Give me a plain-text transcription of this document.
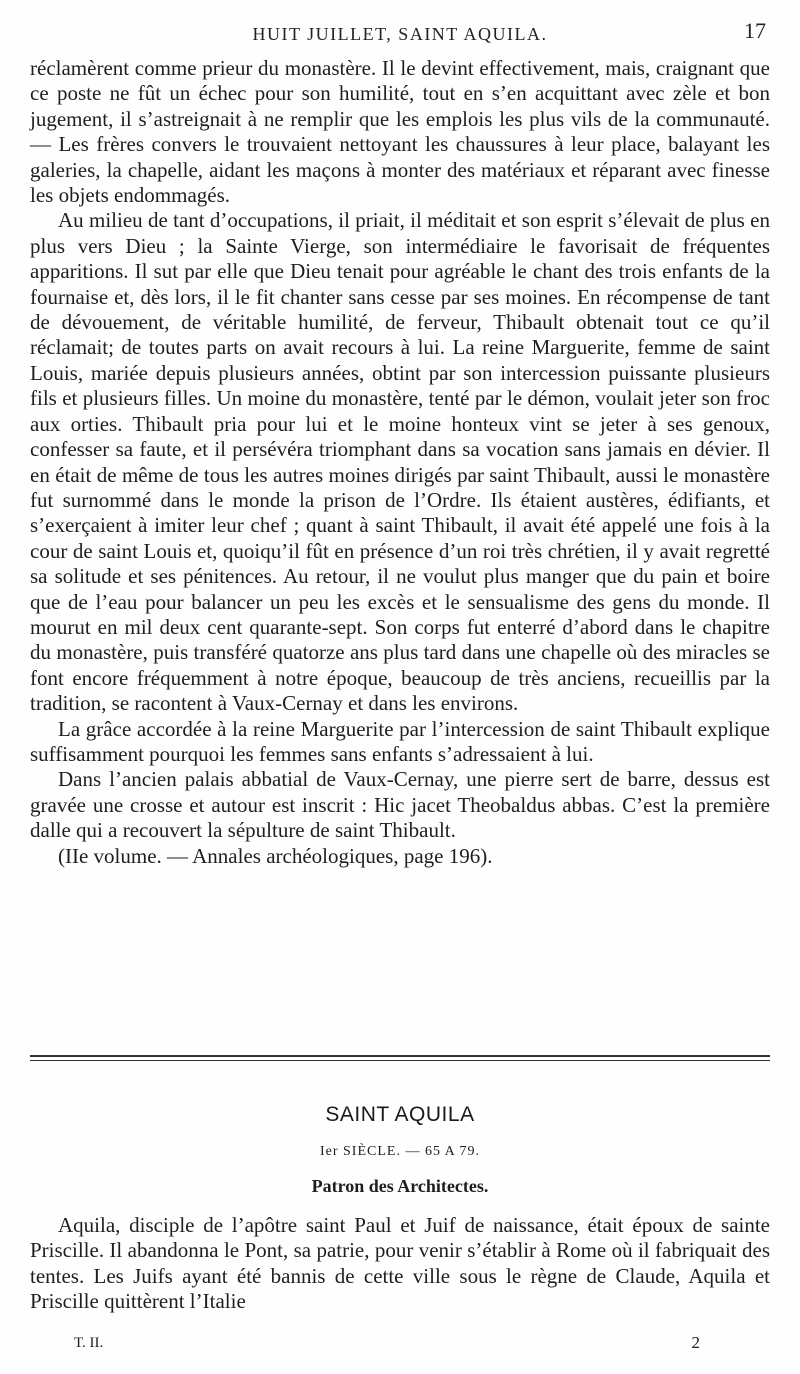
HUIT JUILLET, SAINT AQUILA.	17

réclamèrent comme prieur du monastère. Il le devint effectivement, mais, craignant que ce poste ne fût un échec pour son humilité, tout en s’en acquittant avec zèle et bon jugement, il s’astreignait à ne remplir que les emplois les plus vils de la communauté.— Les frères convers le trouvaient nettoyant les chaussures à leur place, balayant les galeries, la chapelle, aidant les maçons à monter des matériaux et réparant avec finesse les objets endommagés.

Au milieu de tant d’occupations, il priait, il méditait et son esprit s’élevait de plus en plus vers Dieu ; la Sainte Vierge, son intermédiaire le favorisait de fréquentes apparitions. Il sut par elle que Dieu tenait pour agréable le chant des trois enfants de la fournaise et, dès lors, il le fit chanter sans cesse par ses moines. En récompense de tant de dévouement, de véritable humilité, de ferveur, Thibault obtenait tout ce qu’il réclamait; de toutes parts on avait recours à lui. La reine Marguerite, femme de saint Louis, mariée depuis plusieurs années, obtint par son intercession puissante plusieurs fils et plusieurs filles. Un moine du monastère, tenté par le démon, voulait jeter son froc aux orties. Thibault pria pour lui et le moine honteux vint se jeter à ses genoux, confesser sa faute, et il persévéra triomphant dans sa vocation sans jamais en dévier. Il en était de même de tous les autres moines dirigés par saint Thibault, aussi le monastère fut surnommé dans le monde la prison de l’Ordre. Ils étaient austères, édifiants, et s’exerçaient à imiter leur chef ; quant à saint Thibault, il avait été appelé une fois à la cour de saint Louis et, quoiqu’il fût en présence d’un roi très chrétien, il y avait regretté sa solitude et ses pénitences. Au retour, il ne voulut plus manger que du pain et boire que de l’eau pour balancer un peu les excès et le sensualisme des gens du monde. Il mourut en mil deux cent quarante-sept. Son corps fut enterré d’abord dans le chapitre du monastère, puis transféré quatorze ans plus tard dans une chapelle où des miracles se font encore fréquemment à notre époque, beaucoup de très anciens, recueillis par la tradition, se racontent à Vaux-Cernay et dans les environs.

La grâce accordée à la reine Marguerite par l’intercession de saint Thibault explique suffisamment pourquoi les femmes sans enfants s’adressaient à lui.

Dans l’ancien palais abbatial de Vaux-Cernay, une pierre sert de barre, dessus est gravée une crosse et autour est inscrit : Hic jacet Theobaldus abbas. C’est la première dalle qui a recouvert la sépulture de saint Thibault.

(IIe volume. — Annales archéologiques, page 196).

SAINT AQUILA
Ier SIÈCLE. — 65 A 79.
Patron des Architectes.

Aquila, disciple de l’apôtre saint Paul et Juif de naissance, était époux de sainte Priscille. Il abandonna le Pont, sa patrie, pour venir s’établir à Rome où il fabriquait des tentes. Les Juifs ayant été bannis de cette ville sous le règne de Claude, Aquila et Priscille quittèrent l’Italie

T. II.	2
